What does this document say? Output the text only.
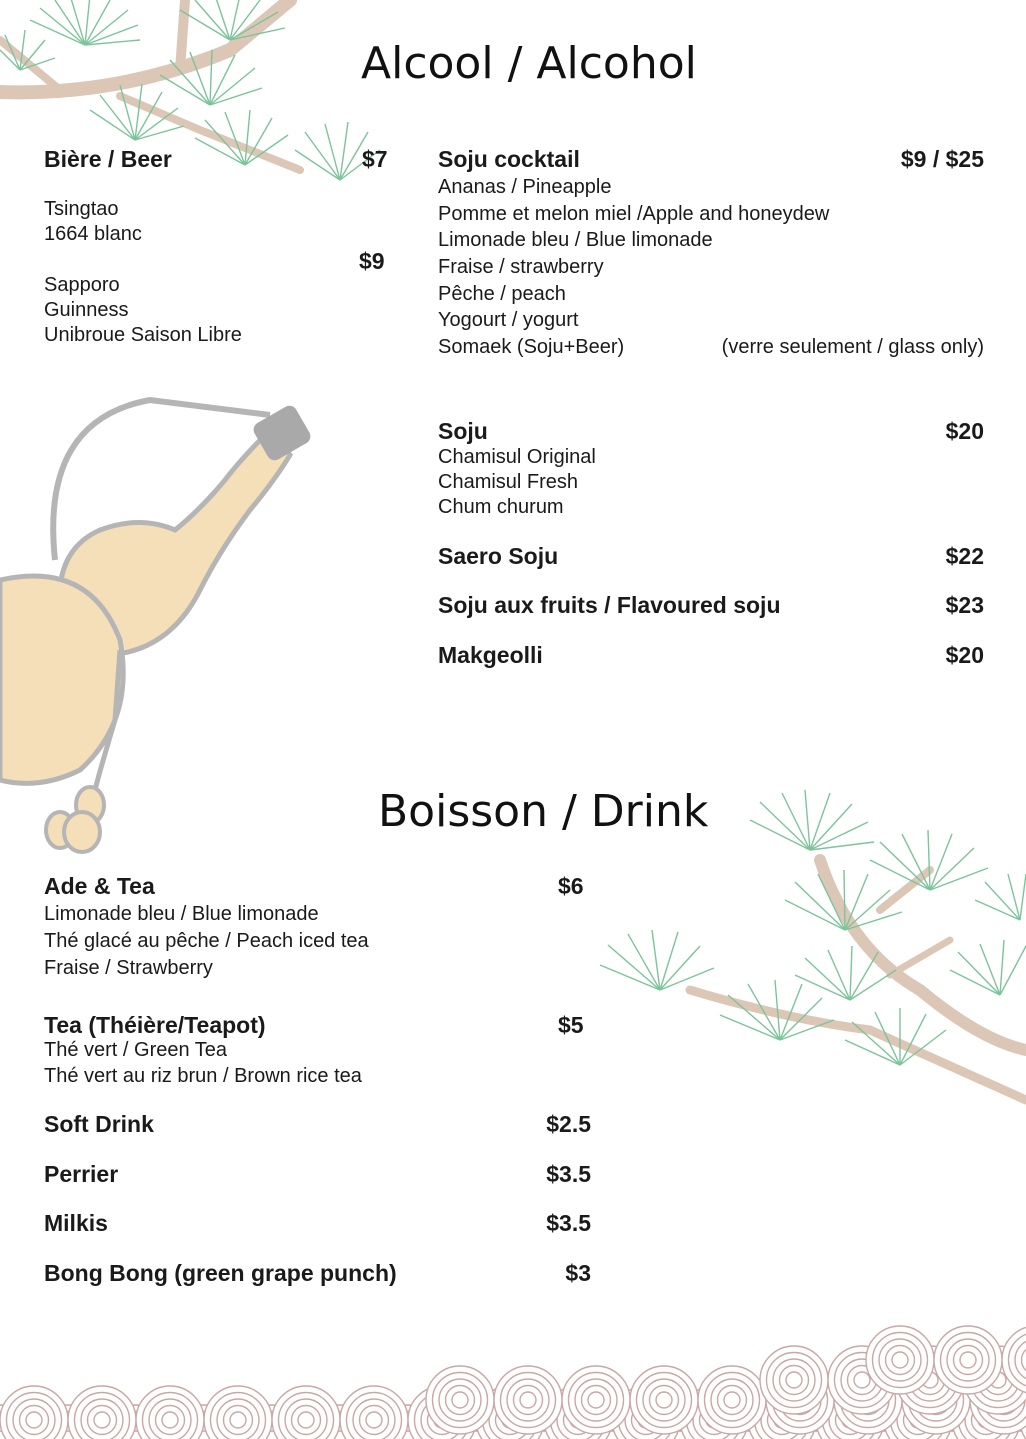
Alcool / Alcohol
Bière / Beer	$7
Tsingtao
1664 blanc
$9
Sapporo
Guinness
Unibroue Saison Libre
Soju cocktail	$9 / $25
Ananas / Pineapple
Pomme et melon miel /Apple and honeydew
Limonade bleu / Blue limonade
Fraise / strawberry
Pêche / peach
Yogourt / yogurt
Somaek (Soju+Beer)	(verre seulement / glass only)
Soju	$20
Chamisul Original
Chamisul Fresh
Chum churum
Saero Soju	$22
Soju aux fruits / Flavoured soju	$23
Makgeolli	$20
Boisson / Drink
Ade & Tea	$6
Limonade bleu / Blue limonade
Thé glacé au pêche / Peach iced tea
Fraise / Strawberry
Tea (Théière/Teapot)	$5
Thé vert / Green Tea
Thé vert au riz brun / Brown rice tea
Soft Drink	$2.5
Perrier	$3.5
Milkis	$3.5
Bong Bong (green grape punch)	$3
